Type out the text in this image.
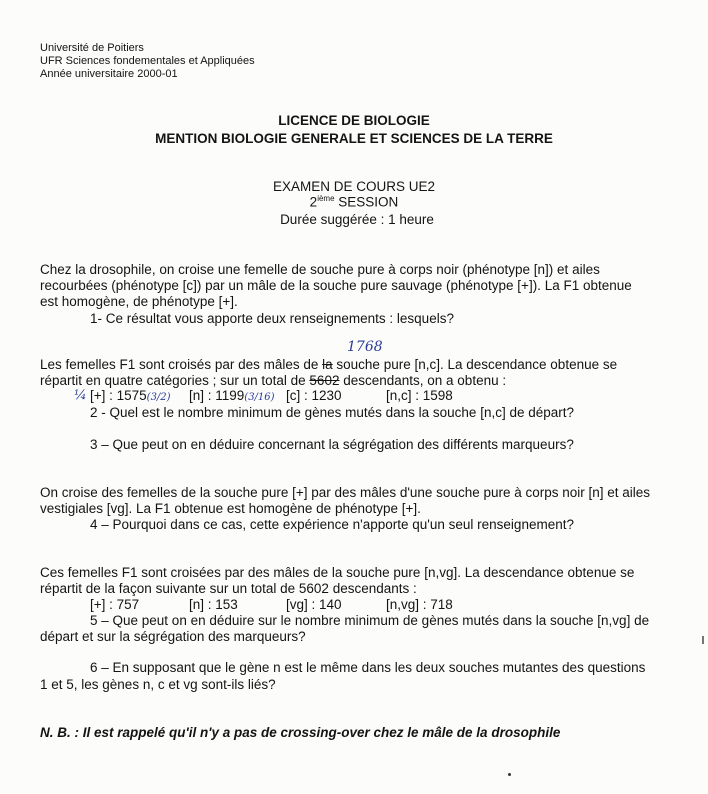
Université de Poitiers
UFR Sciences fondementales et Appliquées
Année universitaire 2000-01
LICENCE DE BIOLOGIE
MENTION BIOLOGIE GENERALE ET SCIENCES DE LA TERRE
EXAMEN DE COURS UE2
2ième SESSION
Durée suggérée : 1 heure
Chez la drosophile, on croise une femelle de souche pure à corps noir (phénotype [n]) et ailes
recourbées (phénotype [c]) par un mâle de la souche pure sauvage (phénotype [+]). La F1 obtenue
est homogène, de phénotype [+].
1- Ce résultat vous apporte deux renseignements : lesquels?
1768
Les femelles F1 sont croisés par des mâles de la souche pure [n,c]. La descendance obtenue se
répartit en quatre catégories ; sur un total de 5602 descendants, on a obtenu :
¼ [+] : 1575(3/2) [n] : 1199(3/16) [c] : 1230	[n,c] : 1598
2 - Quel est le nombre minimum de gènes mutés dans la souche [n,c] de départ?
3 – Que peut on en déduire concernant la ségrégation des différents marqueurs?
On croise des femelles de la souche pure [+] par des mâles d'une souche pure à corps noir [n] et ailes
vestigiales [vg]. La F1 obtenue est homogène de phénotype [+].
4 – Pourquoi dans ce cas, cette expérience n'apporte qu'un seul renseignement?
Ces femelles F1 sont croisées par des mâles de la souche pure [n,vg]. La descendance obtenue se
répartit de la façon suivante sur un total de 5602 descendants :
[+] : 757	[n] : 153	[vg] : 140	[n,vg] : 718
5 – Que peut on en déduire sur le nombre minimum de gènes mutés dans la souche [n,vg] de
départ et sur la ségrégation des marqueurs?
6 – En supposant que le gène n est le même dans les deux souches mutantes des questions
1 et 5, les gènes n, c et vg sont-ils liés?
N. B. : Il est rappelé qu'il n'y a pas de crossing-over chez le mâle de la drosophile
